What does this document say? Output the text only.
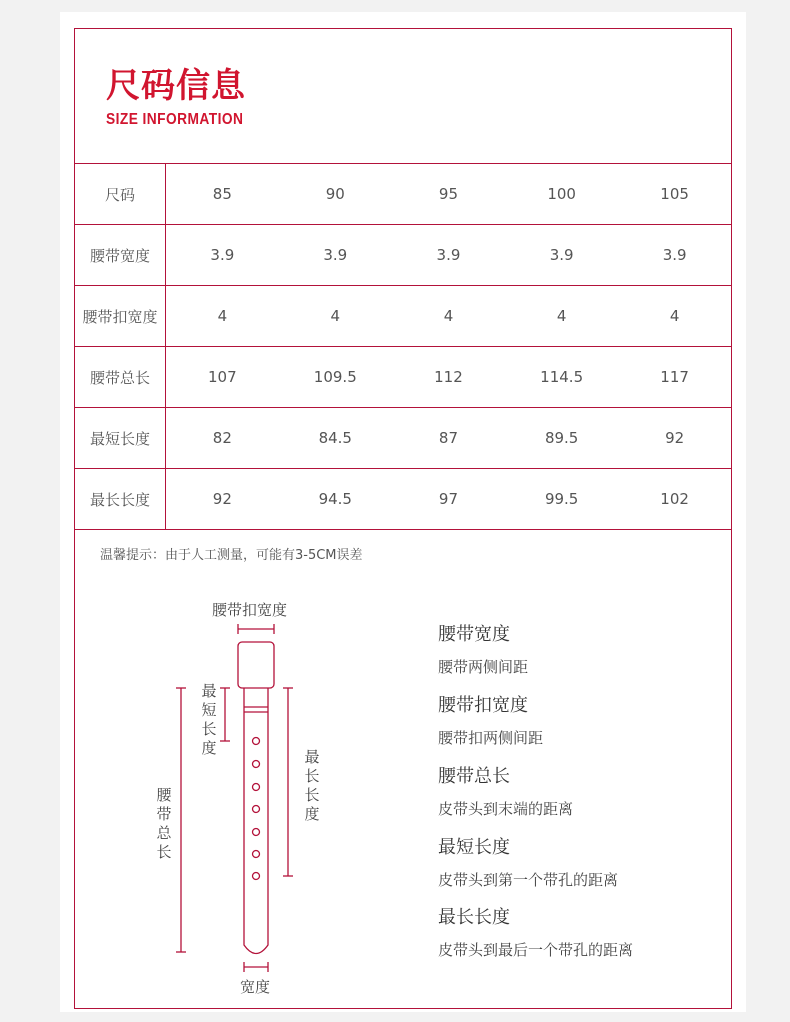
尺码信息
SIZE INFORMATION
尺码	85	90	95	100	105
腰带宽度	3.9	3.9	3.9	3.9	3.9
腰带扣宽度	4	4	4	4	4
腰带总长	107	109.5	112	114.5	117
最短长度	82	84.5	87	89.5	92
最长长度	92	94.5	97	99.5	102
温馨提示：由于人工测量，可能有3-5CM误差
腰带扣宽度
最短长度	最长长度
腰带总长
宽度
腰带宽度
腰带两侧间距
腰带扣宽度
腰带扣两侧间距
腰带总长
皮带头到末端的距离
最短长度
皮带头到第一个带孔的距离
最长长度
皮带头到最后一个带孔的距离
